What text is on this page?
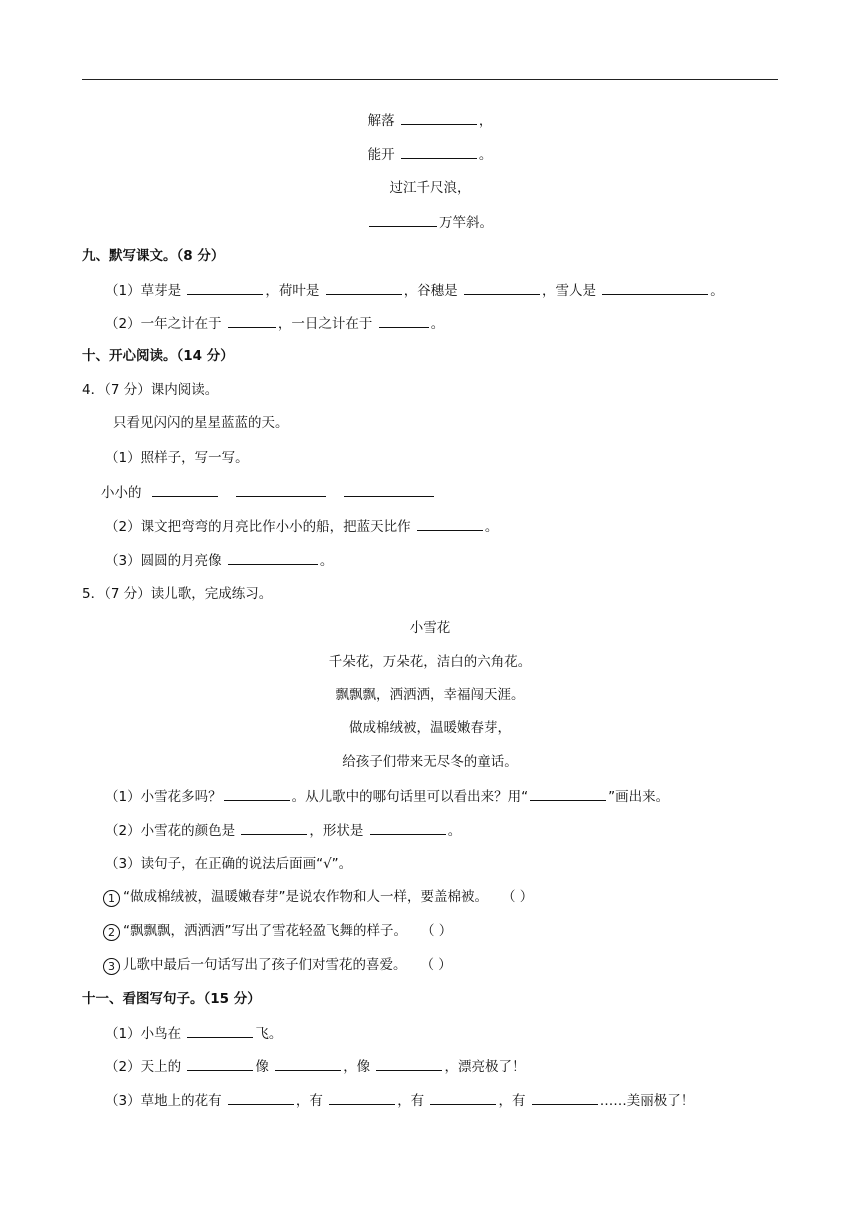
解落	，
能开	。
过江千尺浪，
万竿斜。
九、默写课文。（8 分）
（1）草芽是	，荷叶是	，谷穗是	，雪人是	。
（2）一年之计在于	，一日之计在于	。
十、开心阅读。（14 分）
4．（7 分）课内阅读。
只看见闪闪的星星蓝蓝的天。
（1）照样子，写一写。
小小的
（2）课文把弯弯的月亮比作小小的船，把蓝天比作	。
（3）圆圆的月亮像	。
5．（7 分）读儿歌，完成练习。
小雪花
千朵花，万朵花，洁白的六角花。
飘飘飘，洒洒洒，幸福闯天涯。
做成棉绒被，温暖嫩春芽，
给孩子们带来无尽冬的童话。
（1）小雪花多吗？	。从儿歌中的哪句话里可以看出来？用“	”画出来。
（2）小雪花的颜色是	，形状是	。
（3）读句子，在正确的说法后面画“√”。
1 “做成棉绒被，温暖嫩春芽”是说农作物和人一样，要盖棉被。 （ ）
2 “飘飘飘，洒洒洒”写出了雪花轻盈飞舞的样子。 （ ）
3 儿歌中最后一句话写出了孩子们对雪花的喜爱。 （ ）
十一、看图写句子。（15 分）
（1）小鸟在	飞。
（2）天上的	像	，像	，漂亮极了！
（3）草地上的花有	，有	，有	，有	……美丽极了！
